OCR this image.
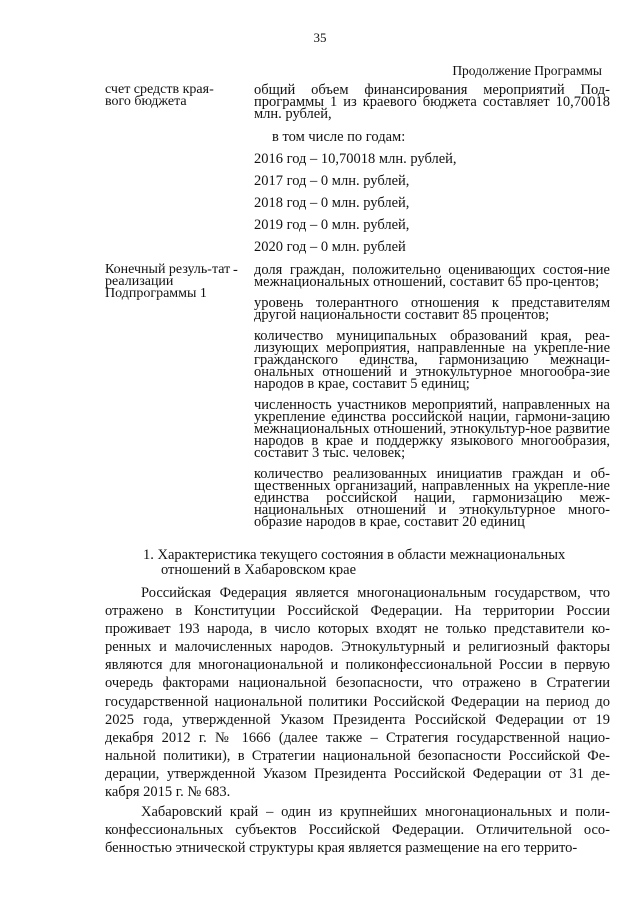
35
Продолжение Программы
счет средств края-вого бюджета
общий объем финансирования мероприятий Под-программы 1 из краевого бюджета составляет 10,70018 млн. рублей,
в том числе по годам:
2016 год – 10,70018 млн. рублей,
2017 год – 0 млн. рублей,
2018 год – 0 млн. рублей,
2019 год – 0 млн. рублей,
2020 год – 0 млн. рублей
Конечный резуль-тат реализации Подпрограммы 1
-	доля граждан, положительно оценивающих состоя-ние межнациональных отношений, составит 65 про-центов;
уровень толерантного отношения к представителям другой национальности составит 85 процентов;
количество муниципальных образований края, реа-лизующих мероприятия, направленные на укрепле-ние гражданского единства, гармонизацию межнаци-ональных отношений и этнокультурное многообра-зие народов в крае, составит 5 единиц;
численность участников мероприятий, направленных на укрепление единства российской нации, гармони-зацию межнациональных отношений, этнокультур-ное развитие народов в крае и поддержку языкового многообразия, составит 3 тыс. человек;
количество реализованных инициатив граждан и об-щественных организаций, направленных на укрепле-ние единства российской нации, гармонизацию меж-национальных отношений и этнокультурное много-образие народов в крае, составит 20 единиц
1. Характеристика текущего состояния в области межнациональных
отношений в Хабаровском крае

Российская Федерация является многонациональным государством, что отражено в Конституции Российской Федерации. На территории России проживает 193 народа, в число которых входят не только представители ко-ренных и малочисленных народов. Этнокультурный и религиозный факторы являются для многонациональной и поликонфессиональной России в первую очередь факторами национальной безопасности, что отражено в Стратегии государственной национальной политики Российской Федерации на период до 2025 года, утвержденной Указом Президента Российской Федерации от 19 декабря 2012 г. № 1666 (далее также – Стратегия государственной нацио-нальной политики), в Стратегии национальной безопасности Российской Фе-дерации, утвержденной Указом Президента Российской Федерации от 31 де-кабря 2015 г. № 683.

Хабаровский край – один из крупнейших многонациональных и поли-конфессиональных субъектов Российской Федерации. Отличительной осо-бенностью этнической структуры края является размещение на его террито-
